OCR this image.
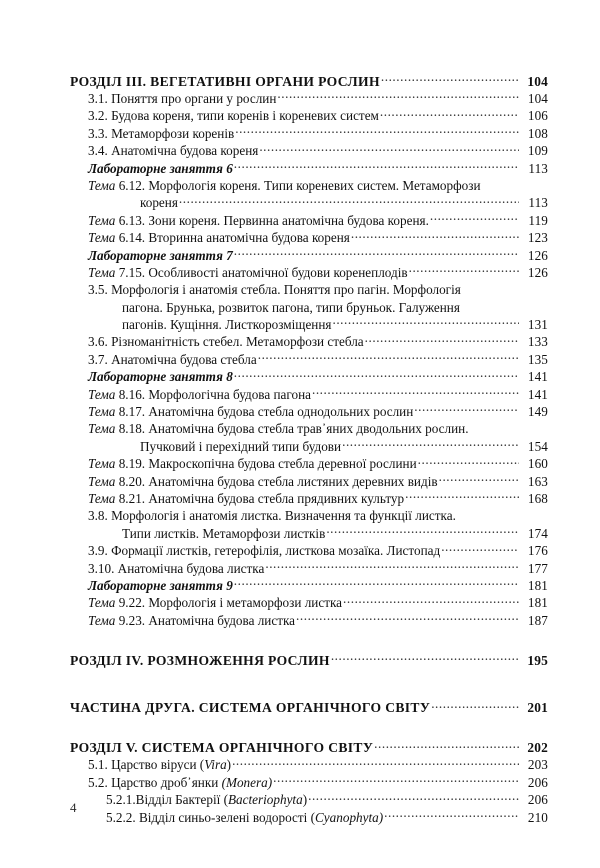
РОЗДІЛ III. ВЕГЕТАТИВНІ ОРГАНИ РОСЛИН .....	104
3.1. Поняття про органи у рослин .....	104
3.2. Будова кореня, типи коренів і кореневих систем .....	106
3.3. Метаморфози коренів .....	108
3.4. Анатомічна будова кореня .....	109
Лабораторне заняття 6 .....	113
Тема 6.12. Морфологія кореня. Типи кореневих систем. Метаморфози
кореня .....	113
Тема 6.13. Зони кореня. Первинна анатомічна будова кореня. .....	119
Тема 6.14. Вторинна анатомічна будова кореня .....	123
Лабораторне заняття 7 .....	126
Тема 7.15. Особливості анатомічної будови коренеплодів .....	126
3.5. Морфологія і анатомія стебла. Поняття про пагін. Морфологія
пагона. Брунька, розвиток пагона, типи бруньок. Галуження
пагонів. Кущіння. Листкорозміщення .....	131
3.6. Різноманітність стебел. Метаморфози стебла .....	133
3.7. Анатомічна будова стебла .....	135
Лабораторне заняття 8 .....	141
Тема 8.16. Морфологічна будова пагона .....	141
Тема 8.17. Анатомічна будова стебла однодольних рослин .....	149
Тема 8.18. Анатомічна будова стебла трав᾽яних дводольних рослин.
Пучковий і перехідний типи будови .....	154
Тема 8.19. Макроскопічна будова стебла деревної рослини .....	160
Тема 8.20. Анатомічна будова стебла листяних деревних видів .....	163
Тема 8.21. Анатомічна будова стебла прядивних культур .....	168
3.8. Морфологія і анатомія листка. Визначення та функції листка.
Типи листків. Метаморфози листків .....	174
3.9. Формації листків, гетерофілія, листкова мозаїка. Листопад .....	176
3.10. Анатомічна будова листка .....	177
Лабораторне заняття 9 .....	181
Тема 9.22. Морфологія і метаморфози листка .....	181
Тема 9.23. Анатомічна будова листка .....	187
РОЗДІЛ IV. РОЗМНОЖЕННЯ РОСЛИН .....	195
ЧАСТИНА ДРУГА. СИСТЕМА ОРГАНІЧНОГО СВІТУ .....	201
РОЗДІЛ V. СИСТЕМА ОРГАНІЧНОГО СВІТУ .....	202
5.1. Царство віруси (Vira) .....	203
5.2. Царство дроб᾽янки (Monera) .....	206
5.2.1.Відділ Бактерії (Bacteriophyta) .....	206
5.2.2. Відділ синьо-зелені водорості (Cyanophyta) .....	210
4
